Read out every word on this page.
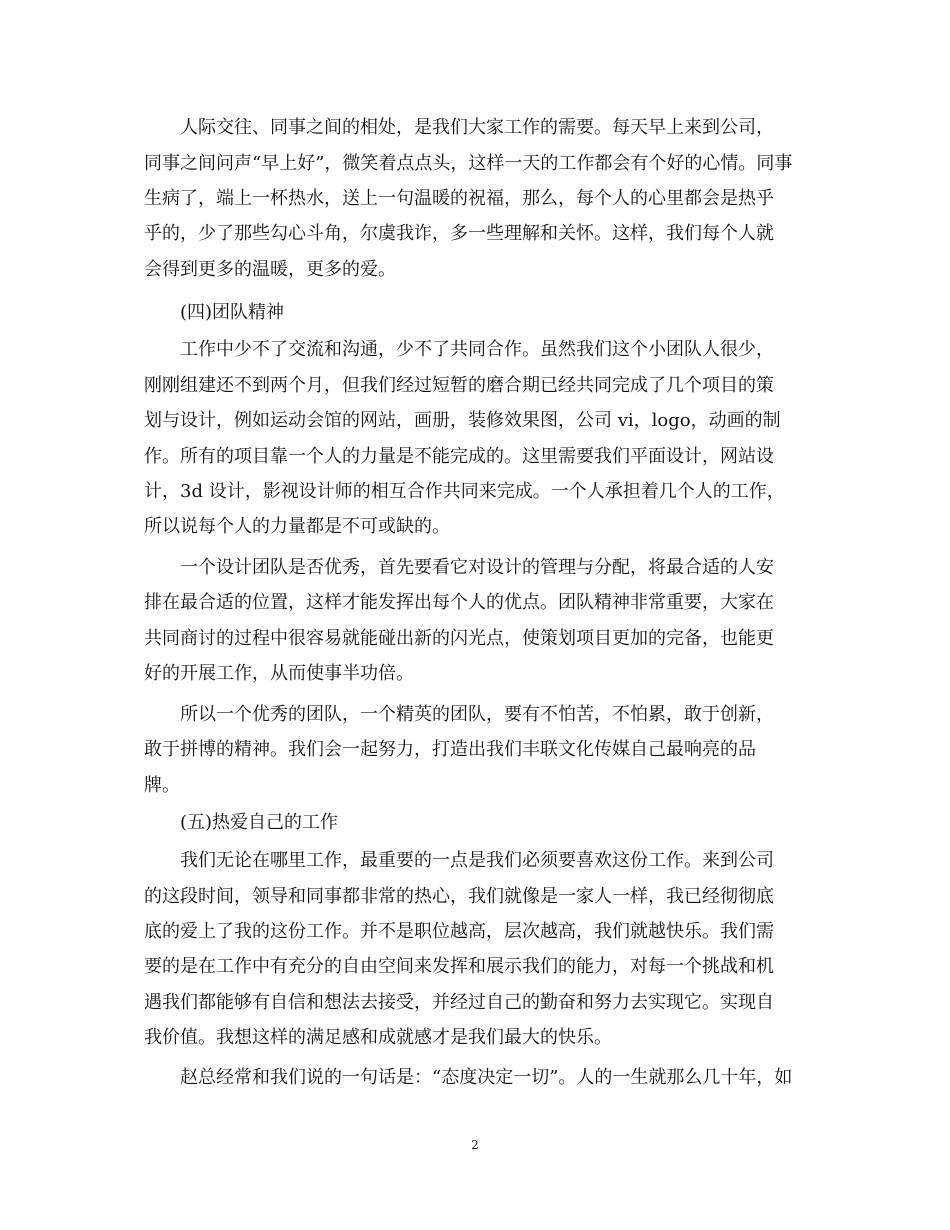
人际交往、同事之间的相处，是我们大家工作的需要。每天早上来到公司，
同事之间问声“早上好”，微笑着点点头，这样一天的工作都会有个好的心情。同事
生病了，端上一杯热水，送上一句温暖的祝福，那么，每个人的心里都会是热乎
乎的，少了那些勾心斗角，尔虞我诈，多一些理解和关怀。这样，我们每个人就
会得到更多的温暖，更多的爱。
(四)团队精神
工作中少不了交流和沟通，少不了共同合作。虽然我们这个小团队人很少，
刚刚组建还不到两个月，但我们经过短暂的磨合期已经共同完成了几个项目的策
划与设计，例如运动会馆的网站，画册，装修效果图，公司 vi，logo，动画的制
作。所有的项目靠一个人的力量是不能完成的。这里需要我们平面设计，网站设
计，3d 设计，影视设计师的相互合作共同来完成。一个人承担着几个人的工作，
所以说每个人的力量都是不可或缺的。
一个设计团队是否优秀，首先要看它对设计的管理与分配，将最合适的人安
排在最合适的位置，这样才能发挥出每个人的优点。团队精神非常重要，大家在
共同商讨的过程中很容易就能碰出新的闪光点，使策划项目更加的完备，也能更
好的开展工作，从而使事半功倍。
所以一个优秀的团队，一个精英的团队，要有不怕苦，不怕累，敢于创新，
敢于拼博的精神。我们会一起努力，打造出我们丰联文化传媒自己最响亮的品
牌。
(五)热爱自己的工作
我们无论在哪里工作，最重要的一点是我们必须要喜欢这份工作。来到公司
的这段时间，领导和同事都非常的热心，我们就像是一家人一样，我已经彻彻底
底的爱上了我的这份工作。并不是职位越高，层次越高，我们就越快乐。我们需
要的是在工作中有充分的自由空间来发挥和展示我们的能力，对每一个挑战和机
遇我们都能够有自信和想法去接受，并经过自己的勤奋和努力去实现它。实现自
我价值。我想这样的满足感和成就感才是我们最大的快乐。
赵总经常和我们说的一句话是：“态度决定一切”。人的一生就那么几十年，如
2
